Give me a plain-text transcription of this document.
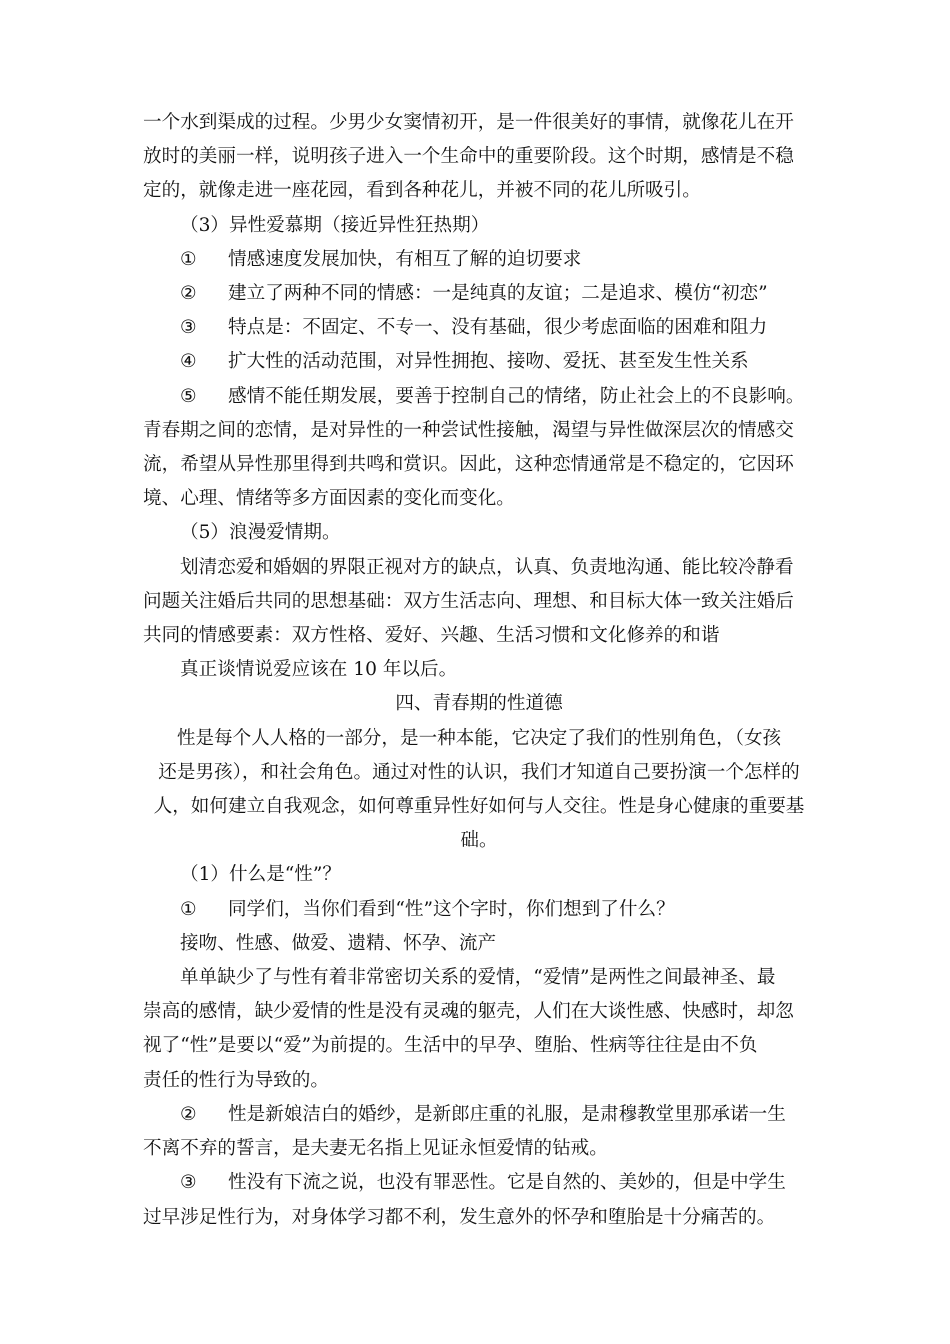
一个水到渠成的过程。少男少女窦情初开，是一件很美好的事情，就像花儿在开

放时的美丽一样，说明孩子进入一个生命中的重要阶段。这个时期，感情是不稳

定的，就像走进一座花园，看到各种花儿，并被不同的花儿所吸引。

（3）异性爱慕期（接近异性狂热期）

① 情感速度发展加快，有相互了解的迫切要求

② 建立了两种不同的情感：一是纯真的友谊；二是追求、模仿“初恋”

③ 特点是：不固定、不专一、没有基础，很少考虑面临的困难和阻力

④ 扩大性的活动范围，对异性拥抱、接吻、爱抚、甚至发生性关系

⑤ 感情不能任期发展，要善于控制自己的情绪，防止社会上的不良影响。

青春期之间的恋情，是对异性的一种尝试性接触，渴望与异性做深层次的情感交

流，希望从异性那里得到共鸣和赏识。因此，这种恋情通常是不稳定的，它因环

境、心理、情绪等多方面因素的变化而变化。

（5）浪漫爱情期。

划清恋爱和婚姻的界限正视对方的缺点，认真、负责地沟通、能比较冷静看

问题关注婚后共同的思想基础：双方生活志向、理想、和目标大体一致关注婚后

共同的情感要素：双方性格、爱好、兴趣、生活习惯和文化修养的和谐

真正谈情说爱应该在 10 年以后。

四、青春期的性道德

性是每个人人格的一部分，是一种本能，它决定了我们的性别角色，（女孩

还是男孩），和社会角色。通过对性的认识，我们才知道自己要扮演一个怎样的

人，如何建立自我观念，如何尊重异性好如何与人交往。性是身心健康的重要基

础。

（1）什么是“性”？

① 同学们，当你们看到“性”这个字时，你们想到了什么？

接吻、性感、做爱、遗精、怀孕、流产

单单缺少了与性有着非常密切关系的爱情，“爱情”是两性之间最神圣、最

崇高的感情，缺少爱情的性是没有灵魂的躯壳，人们在大谈性感、快感时，却忽

视了“性”是要以“爱”为前提的。生活中的早孕、堕胎、性病等往往是由不负

责任的性行为导致的。

② 性是新娘洁白的婚纱，是新郎庄重的礼服，是肃穆教堂里那承诺一生

不离不弃的誓言，是夫妻无名指上见证永恒爱情的钻戒。

③ 性没有下流之说，也没有罪恶性。它是自然的、美妙的，但是中学生

过早涉足性行为，对身体学习都不利，发生意外的怀孕和堕胎是十分痛苦的。
